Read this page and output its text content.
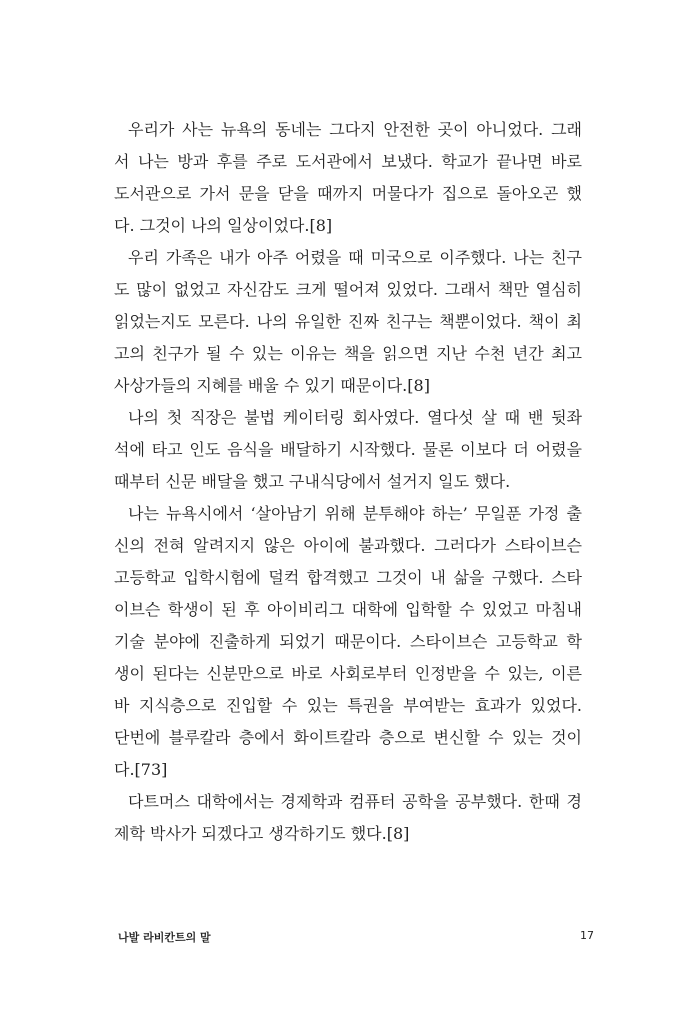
우리가 사는 뉴욕의 동네는 그다지 안전한 곳이 아니었다. 그래
서 나는 방과 후를 주로 도서관에서 보냈다. 학교가 끝나면 바로
도서관으로 가서 문을 닫을 때까지 머물다가 집으로 돌아오곤 했
다. 그것이 나의 일상이었다.[8]

우리 가족은 내가 아주 어렸을 때 미국으로 이주했다. 나는 친구
도 많이 없었고 자신감도 크게 떨어져 있었다. 그래서 책만 열심히
읽었는지도 모른다. 나의 유일한 진짜 친구는 책뿐이었다. 책이 최
고의 친구가 될 수 있는 이유는 책을 읽으면 지난 수천 년간 최고
사상가들의 지혜를 배울 수 있기 때문이다.[8]

나의 첫 직장은 불법 케이터링 회사였다. 열다섯 살 때 밴 뒷좌
석에 타고 인도 음식을 배달하기 시작했다. 물론 이보다 더 어렸을
때부터 신문 배달을 했고 구내식당에서 설거지 일도 했다.

나는 뉴욕시에서 ‘살아남기 위해 분투해야 하는’ 무일푼 가정 출
신의 전혀 알려지지 않은 아이에 불과했다. 그러다가 스타이브슨
고등학교 입학시험에 덜컥 합격했고 그것이 내 삶을 구했다. 스타
이브슨 학생이 된 후 아이비리그 대학에 입학할 수 있었고 마침내
기술 분야에 진출하게 되었기 때문이다. 스타이브슨 고등학교 학
생이 된다는 신분만으로 바로 사회로부터 인정받을 수 있는, 이른
바 지식층으로 진입할 수 있는 특권을 부여받는 효과가 있었다.
단번에 블루칼라 층에서 화이트칼라 층으로 변신할 수 있는 것이
다.[73]

다트머스 대학에서는 경제학과 컴퓨터 공학을 공부했다. 한때 경
제학 박사가 되겠다고 생각하기도 했다.[8]

나발 라비칸트의 말	17
